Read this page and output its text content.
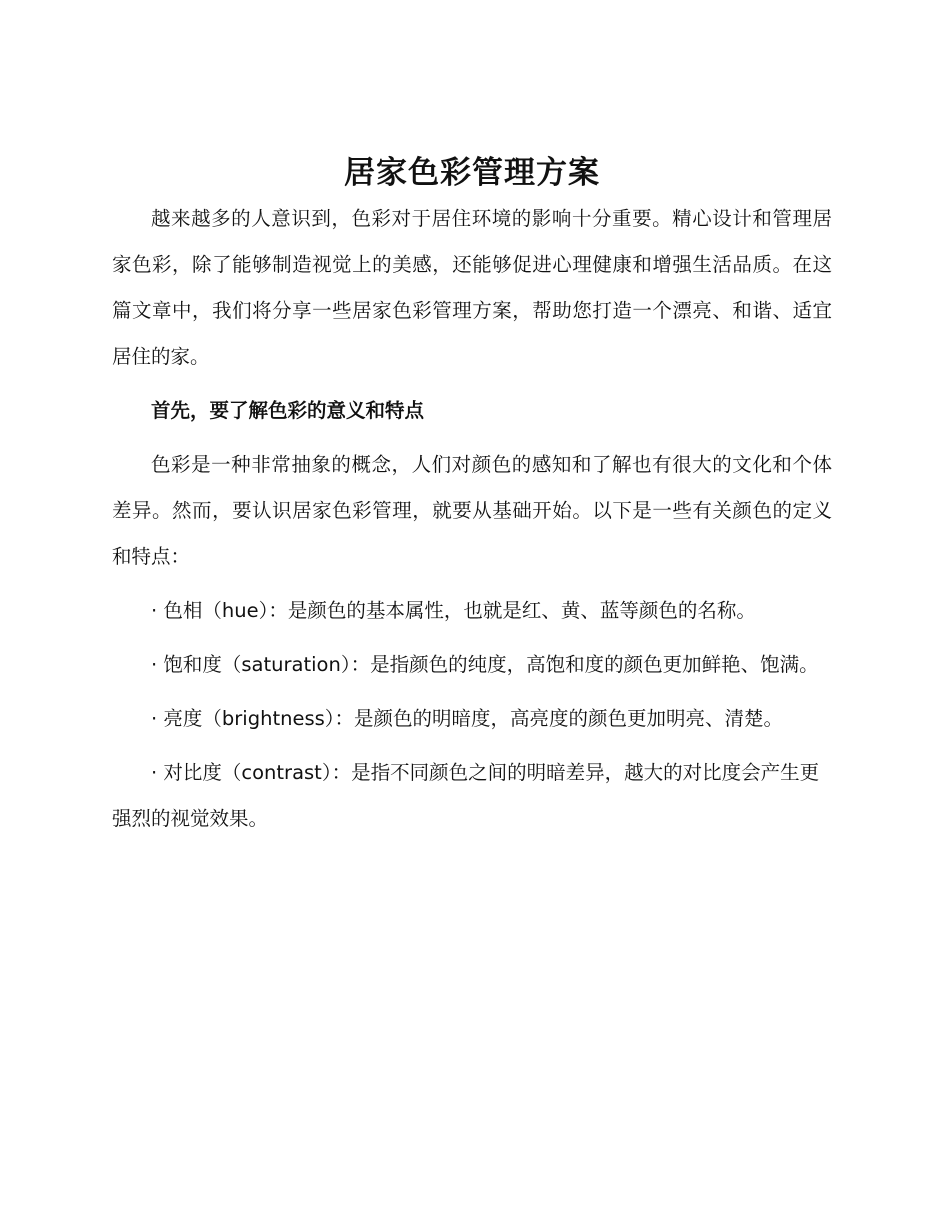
居家色彩管理方案

越来越多的人意识到，色彩对于居住环境的影响十分重要。精心设计和管理居家色彩，除了能够制造视觉上的美感，还能够促进心理健康和增强生活品质。在这篇文章中，我们将分享一些居家色彩管理方案，帮助您打造一个漂亮、和谐、适宜居住的家。

首先，要了解色彩的意义和特点

色彩是一种非常抽象的概念，人们对颜色的感知和了解也有很大的文化和个体差异。然而，要认识居家色彩管理，就要从基础开始。以下是一些有关颜色的定义和特点：

· 色相（hue）：是颜色的基本属性，也就是红、黄、蓝等颜色的名称。

· 饱和度（saturation）：是指颜色的纯度，高饱和度的颜色更加鲜艳、饱满。

· 亮度（brightness）：是颜色的明暗度，高亮度的颜色更加明亮、清楚。

· 对比度（contrast）：是指不同颜色之间的明暗差异，越大的对比度会产生更强烈的视觉效果。
